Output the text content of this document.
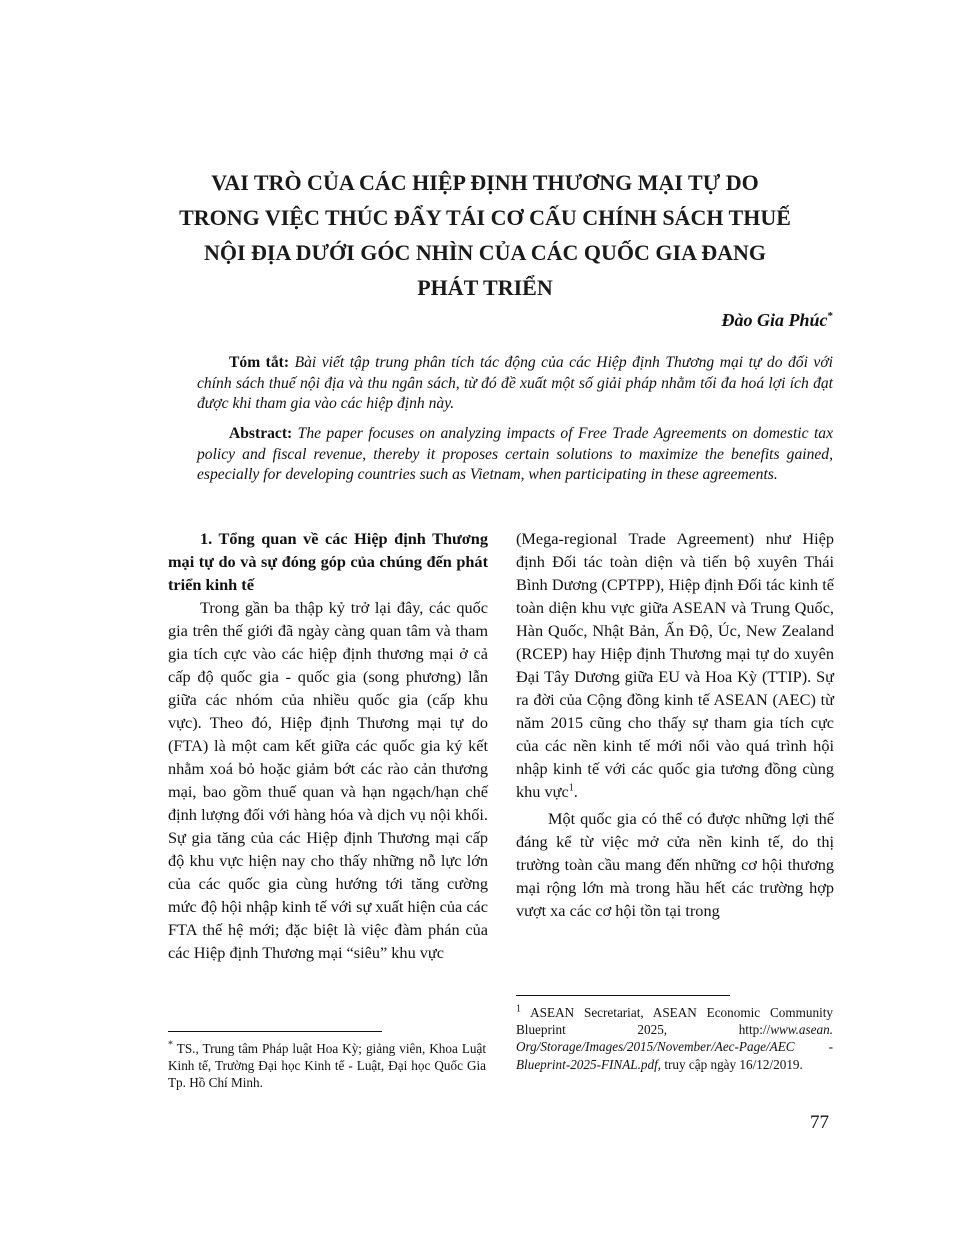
VAI TRÒ CỦA CÁC HIỆP ĐỊNH THƯƠNG MẠI TỰ DO
TRONG VIỆC THÚC ĐẨY TÁI CƠ CẤU CHÍNH SÁCH THUẾ
NỘI ĐỊA DƯỚI GÓC NHÌN CỦA CÁC QUỐC GIA ĐANG
PHÁT TRIỂN
Đào Gia Phúc*
Tóm tắt: Bài viết tập trung phân tích tác động của các Hiệp định Thương mại tự do đối với chính sách thuế nội địa và thu ngân sách, từ đó đề xuất một số giải pháp nhằm tối đa hoá lợi ích đạt được khi tham gia vào các hiệp định này.
Abstract: The paper focuses on analyzing impacts of Free Trade Agreements on domestic tax policy and fiscal revenue, thereby it proposes certain solutions to maximize the benefits gained, especially for developing countries such as Vietnam, when participating in these agreements.

1. Tổng quan về các Hiệp định Thương mại tự do và sự đóng góp của chúng đến phát triển kinh tế

Trong gần ba thập kỷ trở lại đây, các quốc gia trên thế giới đã ngày càng quan tâm và tham gia tích cực vào các hiệp định thương mại ở cả cấp độ quốc gia - quốc gia (song phương) lẫn giữa các nhóm của nhiều quốc gia (cấp khu vực). Theo đó, Hiệp định Thương mại tự do (FTA) là một cam kết giữa các quốc gia ký kết nhằm xoá bỏ hoặc giảm bớt các rào cản thương mại, bao gồm thuế quan và hạn ngạch/hạn chế định lượng đối với hàng hóa và dịch vụ nội khối. Sự gia tăng của các Hiệp định Thương mại cấp độ khu vực hiện nay cho thấy những nỗ lực lớn của các quốc gia cùng hướng tới tăng cường mức độ hội nhập kinh tế với sự xuất hiện của các FTA thế hệ mới; đặc biệt là việc đàm phán của các Hiệp định Thương mại “siêu” khu vực

(Mega-regional Trade Agreement) như Hiệp định Đối tác toàn diện và tiến bộ xuyên Thái Bình Dương (CPTPP), Hiệp định Đối tác kinh tế toàn diện khu vực giữa ASEAN và Trung Quốc, Hàn Quốc, Nhật Bản, Ấn Độ, Úc, New Zealand (RCEP) hay Hiệp định Thương mại tự do xuyên Đại Tây Dương giữa EU và Hoa Kỳ (TTIP). Sự ra đời của Cộng đồng kinh tế ASEAN (AEC) từ năm 2015 cũng cho thấy sự tham gia tích cực của các nền kinh tế mới nổi vào quá trình hội nhập kinh tế với các quốc gia tương đồng cùng khu vực$^1$.

Một quốc gia có thể có được những lợi thế đáng kể từ việc mở cửa nền kinh tế, do thị trường toàn cầu mang đến những cơ hội thương mại rộng lớn mà trong hầu hết các trường hợp vượt xa các cơ hội tồn tại trong

* TS., Trung tâm Pháp luật Hoa Kỳ; giảng viên, Khoa Luật Kinh tế, Trường Đại học Kinh tế - Luật, Đại học Quốc Gia Tp. Hồ Chí Minh.
$^1$ ASEAN Secretariat, ASEAN Economic Community Blueprint 2025, http://www.asean. Org/Storage/Images/2015/November/Aec-Page/AEC -Blueprint-2025-FINAL.pdf, truy cập ngày 16/12/2019.
77
